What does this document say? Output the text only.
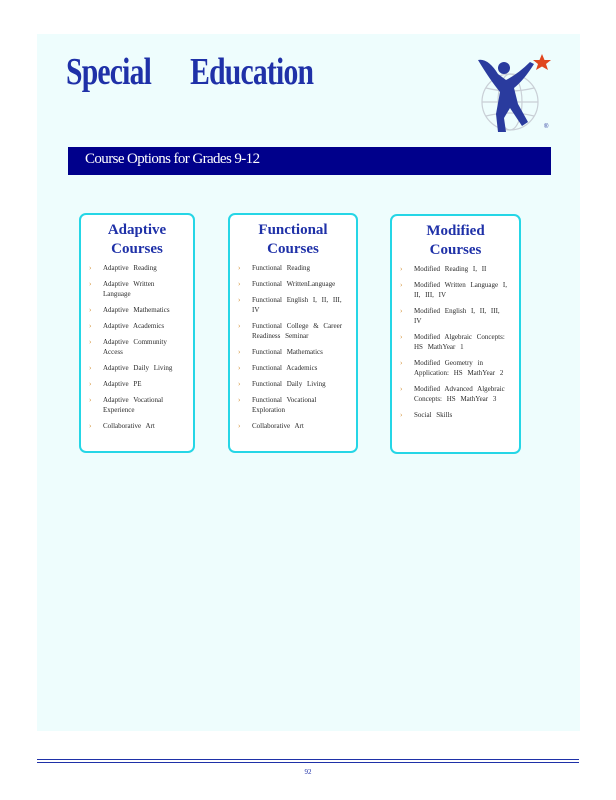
Special Education
®
Course Options for Grades 9-12
Adaptive
Courses
› Adaptive Reading
› Adaptive Written Language
› Adaptive Mathematics
› Adaptive Academics
› Adaptive Community Access
› Adaptive Daily Living
› Adaptive PE
› Adaptive Vocational Experience
› Collaborative Art
Functional
Courses
› Functional Reading
› Functional WrittenLanguage
› Functional English I, II, III, IV
› Functional College & Career Readiness Seminar
› Functional Mathematics
› Functional Academics
› Functional Daily Living
› Functional Vocational Exploration
› Collaborative Art
Modified
Courses
› Modified Reading I, II
› Modified Written Language I, II, III, IV
› Modified English I, II, III, IV
› Modified Algebraic Concepts: HS MathYear 1
› Modified Geometry in Application: HS MathYear 2
› Modified Advanced Algebraic Concepts: HS MathYear 3
› Social Skills
92
